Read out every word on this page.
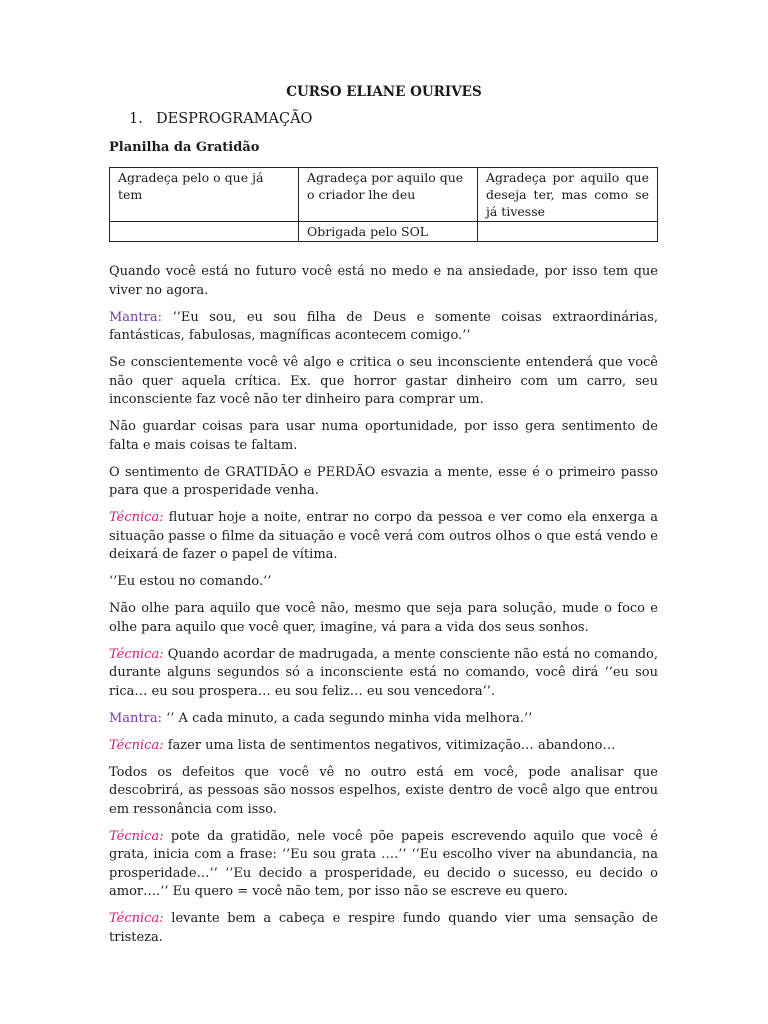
CURSO ELIANE OURIVES
1. DESPROGRAMAÇÃO
Planilha da Gratidão
Agradeça pelo o que já tem	Agradeça por aquilo que o criador lhe deu	Agradeça por aquilo que deseja ter, mas como se já tivesse
	Obrigada pelo SOL	

Quando você está no futuro você está no medo e na ansiedade, por isso tem que viver no agora.

Mantra: ‘’Eu sou, eu sou filha de Deus e somente coisas extraordinárias, fantásticas, fabulosas, magníficas acontecem comigo.’’

Se conscientemente você vê algo e critica o seu inconsciente entenderá que você não quer aquela crítica. Ex. que horror gastar dinheiro com um carro, seu inconsciente faz você não ter dinheiro para comprar um.

Não guardar coisas para usar numa oportunidade, por isso gera sentimento de falta e mais coisas te faltam.

O sentimento de GRATIDÃO e PERDÃO esvazia a mente, esse é o primeiro passo para que a prosperidade venha.

Técnica: flutuar hoje a noite, entrar no corpo da pessoa e ver como ela enxerga a situação passe o filme da situação e você verá com outros olhos o que está vendo e deixará de fazer o papel de vítima.

‘’Eu estou no comando.’’

Não olhe para aquilo que você não, mesmo que seja para solução, mude o foco e olhe para aquilo que você quer, imagine, vá para a vida dos seus sonhos.

Técnica: Quando acordar de madrugada, a mente consciente não está no comando, durante alguns segundos só a inconsciente está no comando, você dirá ‘’eu sou rica… eu sou prospera… eu sou feliz… eu sou vencedora’’.

Mantra: ‘’ A cada minuto, a cada segundo minha vida melhora.’’

Técnica: fazer uma lista de sentimentos negativos, vitimização… abandono…

Todos os defeitos que você vê no outro está em você, pode analisar que descobrirá, as pessoas são nossos espelhos, existe dentro de você algo que entrou em ressonância com isso.

Técnica: pote da gratidão, nele você põe papeis escrevendo aquilo que você é grata, inicia com a frase: ‘’Eu sou grata ….’’ ‘’Eu escolho viver na abundancia, na prosperidade…’’ ‘’Eu decido a prosperidade, eu decido o sucesso, eu decido o amor….’’ Eu quero = você não tem, por isso não se escreve eu quero.

Técnica: levante bem a cabeça e respire fundo quando vier uma sensação de tristeza.
